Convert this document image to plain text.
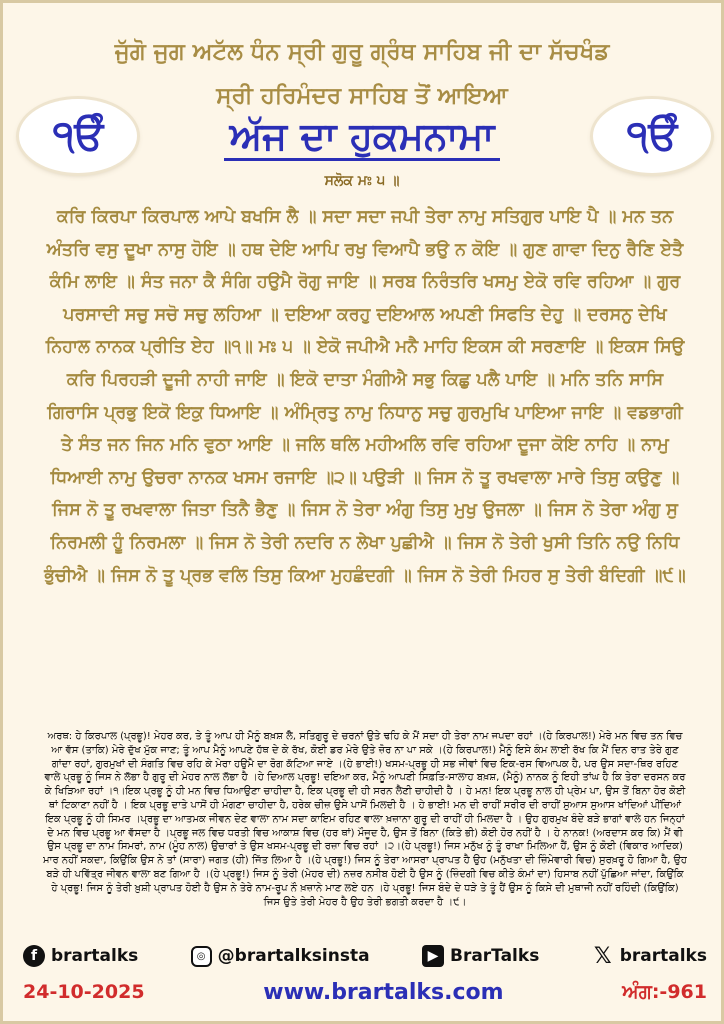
ਜੁੱਗੋ ਜੁਗ ਅਟੱਲ ਧੰਨ ਸ੍ਰੀ ਗੁਰੂ ਗ੍ਰੰਥ ਸਾਹਿਬ ਜੀ ਦਾ ਸੱਚਖੰਡ
ਸ੍ਰੀ ਹਰਿਮੰਦਰ ਸਾਹਿਬ ਤੋਂ ਆਇਆ
੧ੳੰ	੧ੳੰ
ਅੱਜ ਦਾ ਹੁਕਮਨਾਮਾ
ਸਲੋਕ ਮਃ ੫ ॥
ਕਰਿ ਕਿਰਪਾ ਕਿਰਪਾਲ ਆਪੇ ਬਖਸਿ ਲੈ ॥ ਸਦਾ ਸਦਾ ਜਪੀ ਤੇਰਾ ਨਾਮੁ ਸਤਿਗੁਰ ਪਾਇ ਪੈ ॥ ਮਨ ਤਨ ਅੰਤਰਿ ਵਸੁ ਦੂਖਾ ਨਾਸੁ ਹੋਇ ॥ ਹਥ ਦੇਇ ਆਪਿ ਰਖੁ ਵਿਆਪੈ ਭਉ ਨ ਕੋਇ ॥ ਗੁਣ ਗਾਵਾ ਦਿਨੁ ਰੈਣਿ ਏਤੈ ਕੰਮਿ ਲਾਇ ॥ ਸੰਤ ਜਨਾ ਕੈ ਸੰਗਿ ਹਉਮੈ ਰੋਗੁ ਜਾਇ ॥ ਸਰਬ ਨਿਰੰਤਰਿ ਖਸਮੁ ਏਕੋ ਰਵਿ ਰਹਿਆ ॥ ਗੁਰ ਪਰਸਾਦੀ ਸਚੁ ਸਚੋ ਸਚੁ ਲਹਿਆ ॥ ਦਇਆ ਕਰਹੁ ਦਇਆਲ ਅਪਣੀ ਸਿਫਤਿ ਦੇਹੁ ॥ ਦਰਸਨੁ ਦੇਖਿ ਨਿਹਾਲ ਨਾਨਕ ਪ੍ਰੀਤਿ ਏਹ ॥੧॥ ਮਃ ੫ ॥ ਏਕੋ ਜਪੀਐ ਮਨੈ ਮਾਹਿ ਇਕਸ ਕੀ ਸਰਣਾਇ ॥ ਇਕਸ ਸਿਉ ਕਰਿ ਪਿਰਹੜੀ ਦੂਜੀ ਨਾਹੀ ਜਾਇ ॥ ਇਕੋ ਦਾਤਾ ਮੰਗੀਐ ਸਭੁ ਕਿਛੁ ਪਲੈ ਪਾਇ ॥ ਮਨਿ ਤਨਿ ਸਾਸਿ ਗਿਰਾਸਿ ਪ੍ਰਭੁ ਇਕੋ ਇਕੁ ਧਿਆਇ ॥ ਅੰਮ੍ਰਿਤੁ ਨਾਮੁ ਨਿਧਾਨੁ ਸਚੁ ਗੁਰਮੁਖਿ ਪਾਇਆ ਜਾਇ ॥ ਵਡਭਾਗੀ ਤੇ ਸੰਤ ਜਨ ਜਿਨ ਮਨਿ ਵੁਠਾ ਆਇ ॥ ਜਲਿ ਥਲਿ ਮਹੀਅਲਿ ਰਵਿ ਰਹਿਆ ਦੂਜਾ ਕੋਇ ਨਾਹਿ ॥ ਨਾਮੁ ਧਿਆਈ ਨਾਮੁ ਉਚਰਾ ਨਾਨਕ ਖਸਮ ਰਜਾਇ ॥੨॥ ਪਉੜੀ ॥ ਜਿਸ ਨੋ ਤੂ ਰਖਵਾਲਾ ਮਾਰੇ ਤਿਸੁ ਕਉਣੁ ॥ ਜਿਸ ਨੋ ਤੂ ਰਖਵਾਲਾ ਜਿਤਾ ਤਿਨੈ ਭੈਣੁ ॥ ਜਿਸ ਨੋ ਤੇਰਾ ਅੰਗੁ ਤਿਸੁ ਮੁਖੁ ਉਜਲਾ ॥ ਜਿਸ ਨੋ ਤੇਰਾ ਅੰਗੁ ਸੁ ਨਿਰਮਲੀ ਹੂੰ ਨਿਰਮਲਾ ॥ ਜਿਸ ਨੋ ਤੇਰੀ ਨਦਰਿ ਨ ਲੇਖਾ ਪੁਛੀਐ ॥ ਜਿਸ ਨੋ ਤੇਰੀ ਖੁਸੀ ਤਿਨਿ ਨਉ ਨਿਧਿ ਭੁੰਚੀਐ ॥ ਜਿਸ ਨੋ ਤੂ ਪ੍ਰਭ ਵਲਿ ਤਿਸੁ ਕਿਆ ਮੁਹਛੰਦਗੀ ॥ ਜਿਸ ਨੋ ਤੇਰੀ ਮਿਹਰ ਸੁ ਤੇਰੀ ਬੰਦਿਗੀ ॥੯॥
ਅਰਥ: ਹੇ ਕਿਰਪਾਲ (ਪ੍ਰਭੂ)! ਮੇਹਰ ਕਰ, ਤੇ ਤੂੰ ਆਪ ਹੀ ਮੈਨੂੰ ਬਖ਼ਸ਼ ਲੈ, ਸਤਿਗੁਰੂ ਦੇ ਚਰਨਾਂ ਉਤੇ ਢਹਿ ਕੇ ਮੈਂ ਸਦਾ ਹੀ ਤੇਰਾ ਨਾਮ ਜਪਦਾ ਰਹਾਂ ।(ਹੇ ਕਿਰਪਾਲ!) ਮੇਰੇ ਮਨ ਵਿਚ ਤਨ ਵਿਚ ਆ ਵੱਸ (ਤਾਕਿ) ਮੇਰੇ ਦੁੱਖ ਮੁੱਕ ਜਾਣ; ਤੂੰ ਆਪ ਮੈਨੂੰ ਆਪਣੇ ਹੱਥ ਦੇ ਕੇ ਰੱਖ, ਕੋਈ ਡਰ ਮੇਰੇ ਉਤੇ ਜ਼ੋਰ ਨਾ ਪਾ ਸਕੇ ।(ਹੇ ਕਿਰਪਾਲ!) ਮੈਨੂੰ ਇਸੇ ਕੰਮ ਲਾਈ ਰੱਖ ਕਿ ਮੈਂ ਦਿਨ ਰਾਤ ਤੇਰੇ ਗੁਣ ਗਾਂਦਾ ਰਹਾਂ, ਗੁਰਮੁਖਾਂ ਦੀ ਸੰਗਤਿ ਵਿਚ ਰਹਿ ਕੇ ਮੇਰਾ ਹਉਮੈ ਦਾ ਰੋਗ ਕੱਟਿਆ ਜਾਏ ।(ਹੇ ਭਾਈ!) ਖਸਮ-ਪ੍ਰਭੂ ਹੀ ਸਭ ਜੀਵਾਂ ਵਿਚ ਇਕ-ਰਸ ਵਿਆਪਕ ਹੈ, ਪਰ ਉਸ ਸਦਾ-ਥਿਰ ਰਹਿਣ ਵਾਲੇ ਪ੍ਰਭੂ ਨੂੰ ਜਿਸ ਨੇ ਲੱਭਾ ਹੈ ਗੁਰੂ ਦੀ ਮੇਹਰ ਨਾਲ ਲੱਭਾ ਹੈ ।ਹੇ ਦਿਆਲ ਪ੍ਰਭੂ! ਦਇਆ ਕਰ, ਮੈਨੂੰ ਆਪਣੀ ਸਿਫ਼ਤਿ-ਸਾਲਾਹ ਬਖ਼ਸ਼, (ਮੈਨੂੰ) ਨਾਨਕ ਨੂੰ ਇਹੀ ਤਾਂਘ ਹੈ ਕਿ ਤੇਰਾ ਦਰਸਨ ਕਰ ਕੇ ਖਿੜਿਆ ਰਹਾਂ ।੧।ਇਕ ਪ੍ਰਭੂ ਨੂੰ ਹੀ ਮਨ ਵਿਚ ਧਿਆਉਣਾ ਚਾਹੀਦਾ ਹੈ, ਇਕ ਪ੍ਰਭੂ ਦੀ ਹੀ ਸਰਨ ਲੈਣੀ ਚਾਹੀਦੀ ਹੈ । ਹੇ ਮਨ! ਇਕ ਪ੍ਰਭੂ ਨਾਲ ਹੀ ਪ੍ਰੇਮ ਪਾ, ਉਸ ਤੋਂ ਬਿਨਾ ਹੋਰ ਕੋਈ ਥਾਂ ਟਿਕਾਣਾ ਨਹੀਂ ਹੈ । ਇਕ ਪ੍ਰਭੂ ਦਾਤੇ ਪਾਸੋਂ ਹੀ ਮੰਗਣਾ ਚਾਹੀਦਾ ਹੈ, ਹਰੇਕ ਚੀਜ਼ ਉਸੇ ਪਾਸੋਂ ਮਿਲਦੀ ਹੈ । ਹੇ ਭਾਈ! ਮਨ ਦੀ ਰਾਹੀਂ ਸਰੀਰ ਦੀ ਰਾਹੀਂ ਸੁਆਸ ਸੁਆਸ ਖਾਂਦਿਆਂ ਪੀਂਦਿਆਂ ਇਕ ਪ੍ਰਭੂ ਨੂੰ ਹੀ ਸਿਮਰ ।ਪ੍ਰਭੂ ਦਾ ਆਤਮਕ ਜੀਵਨ ਦੇਣ ਵਾਲਾ ਨਾਮ ਸਦਾ ਕਾਇਮ ਰਹਿਣ ਵਾਲਾ ਖ਼ਜ਼ਾਨਾ ਗੁਰੂ ਦੀ ਰਾਹੀਂ ਹੀ ਮਿਲਦਾ ਹੈ । ਉਹ ਗੁਰਮੁਖ ਬੰਦੇ ਬੜੇ ਭਾਗਾਂ ਵਾਲੇ ਹਨ ਜਿਨ੍ਹਾਂ ਦੇ ਮਨ ਵਿਚ ਪ੍ਰਭੂ ਆ ਵੱਸਦਾ ਹੈ ।ਪ੍ਰਭੂ ਜਲ ਵਿਚ ਧਰਤੀ ਵਿਚ ਆਕਾਸ਼ ਵਿਚ (ਹਰ ਥਾਂ) ਮੌਜੂਦ ਹੈ, ਉਸ ਤੋਂ ਬਿਨਾ (ਕਿਤੇ ਭੀ) ਕੋਈ ਹੋਰ ਨਹੀਂ ਹੈ । ਹੇ ਨਾਨਕ! (ਅਰਦਾਸ ਕਰ ਕਿ) ਮੈਂ ਵੀ ਉਸ ਪ੍ਰਭੂ ਦਾ ਨਾਮ ਸਿਮਰਾਂ, ਨਾਮ (ਮੂੰਹ ਨਾਲ) ਉਚਾਰਾਂ ਤੇ ਉਸ ਖਸਮ-ਪ੍ਰਭੂ ਦੀ ਰਜ਼ਾ ਵਿਚ ਰਹਾਂ ।੨।(ਹੇ ਪ੍ਰਭੂ!) ਜਿਸ ਮਨੁੱਖ ਨੂੰ ਤੂੰ ਰਾਖਾ ਮਿਲਿਆ ਹੈਂ, ਉਸ ਨੂੰ ਕੋਈ (ਵਿਕਾਰ ਆਦਿਕ) ਮਾਰ ਨਹੀਂ ਸਕਦਾ, ਕਿਉਂਕਿ ਉਸ ਨੇ ਤਾਂ (ਸਾਰਾ) ਜਗਤ (ਹੀ) ਜਿੱਤ ਲਿਆ ਹੈ ।(ਹੇ ਪ੍ਰਭੂ!) ਜਿਸ ਨੂੰ ਤੇਰਾ ਆਸਰਾ ਪ੍ਰਾਪਤ ਹੈ ਉਹ (ਮਨੁੱਖਤਾ ਦੀ ਜ਼ਿੰਮੇਵਾਰੀ ਵਿਚ) ਸੁਰਖ਼ਰੂ ਹੋ ਗਿਆ ਹੈ, ਉਹ ਬੜੇ ਹੀ ਪਵਿੱਤ੍ਰ ਜੀਵਨ ਵਾਲਾ ਬਣ ਗਿਆ ਹੈ ।(ਹੇ ਪ੍ਰਭੂ!) ਜਿਸ ਨੂੰ ਤੇਰੀ (ਮੇਹਰ ਦੀ) ਨਜ਼ਰ ਨਸੀਬ ਹੋਈ ਹੈ ਉਸ ਨੂੰ (ਜ਼ਿੰਦਗੀ ਵਿਚ ਕੀਤੇ ਕੰਮਾਂ ਦਾ) ਹਿਸਾਬ ਨਹੀਂ ਪੁੱਛਿਆ ਜਾਂਦਾ, ਕਿਉਂਕਿ ਹੇ ਪ੍ਰਭੂ! ਜਿਸ ਨੂੰ ਤੇਰੀ ਖ਼ੁਸ਼ੀ ਪ੍ਰਾਪਤ ਹੋਈ ਹੈ ਉਸ ਨੇ ਤੇਰੇ ਨਾਮ-ਰੂਪ ਨੌ ਖ਼ਜ਼ਾਨੇ ਮਾਣ ਲਏ ਹਨ ।ਹੇ ਪ੍ਰਭੂ! ਜਿਸ ਬੰਦੇ ਦੇ ਧੜੇ ਤੇ ਤੂੰ ਹੈਂ ਉਸ ਨੂੰ ਕਿਸੇ ਦੀ ਮੁਥਾਜੀ ਨਹੀਂ ਰਹਿੰਦੀ (ਕਿਉਂਕਿ) ਜਿਸ ਉਤੇ ਤੇਰੀ ਮੇਹਰ ਹੈ ਉਹ ਤੇਰੀ ਭਗਤੀ ਕਰਦਾ ਹੈ ।੯।
f brartalks	◎ @brartalksinsta	▶ BrarTalks 𝕏 brartalks
24-10-2025	www.brartalks.com	ਅੰਗ:-961
